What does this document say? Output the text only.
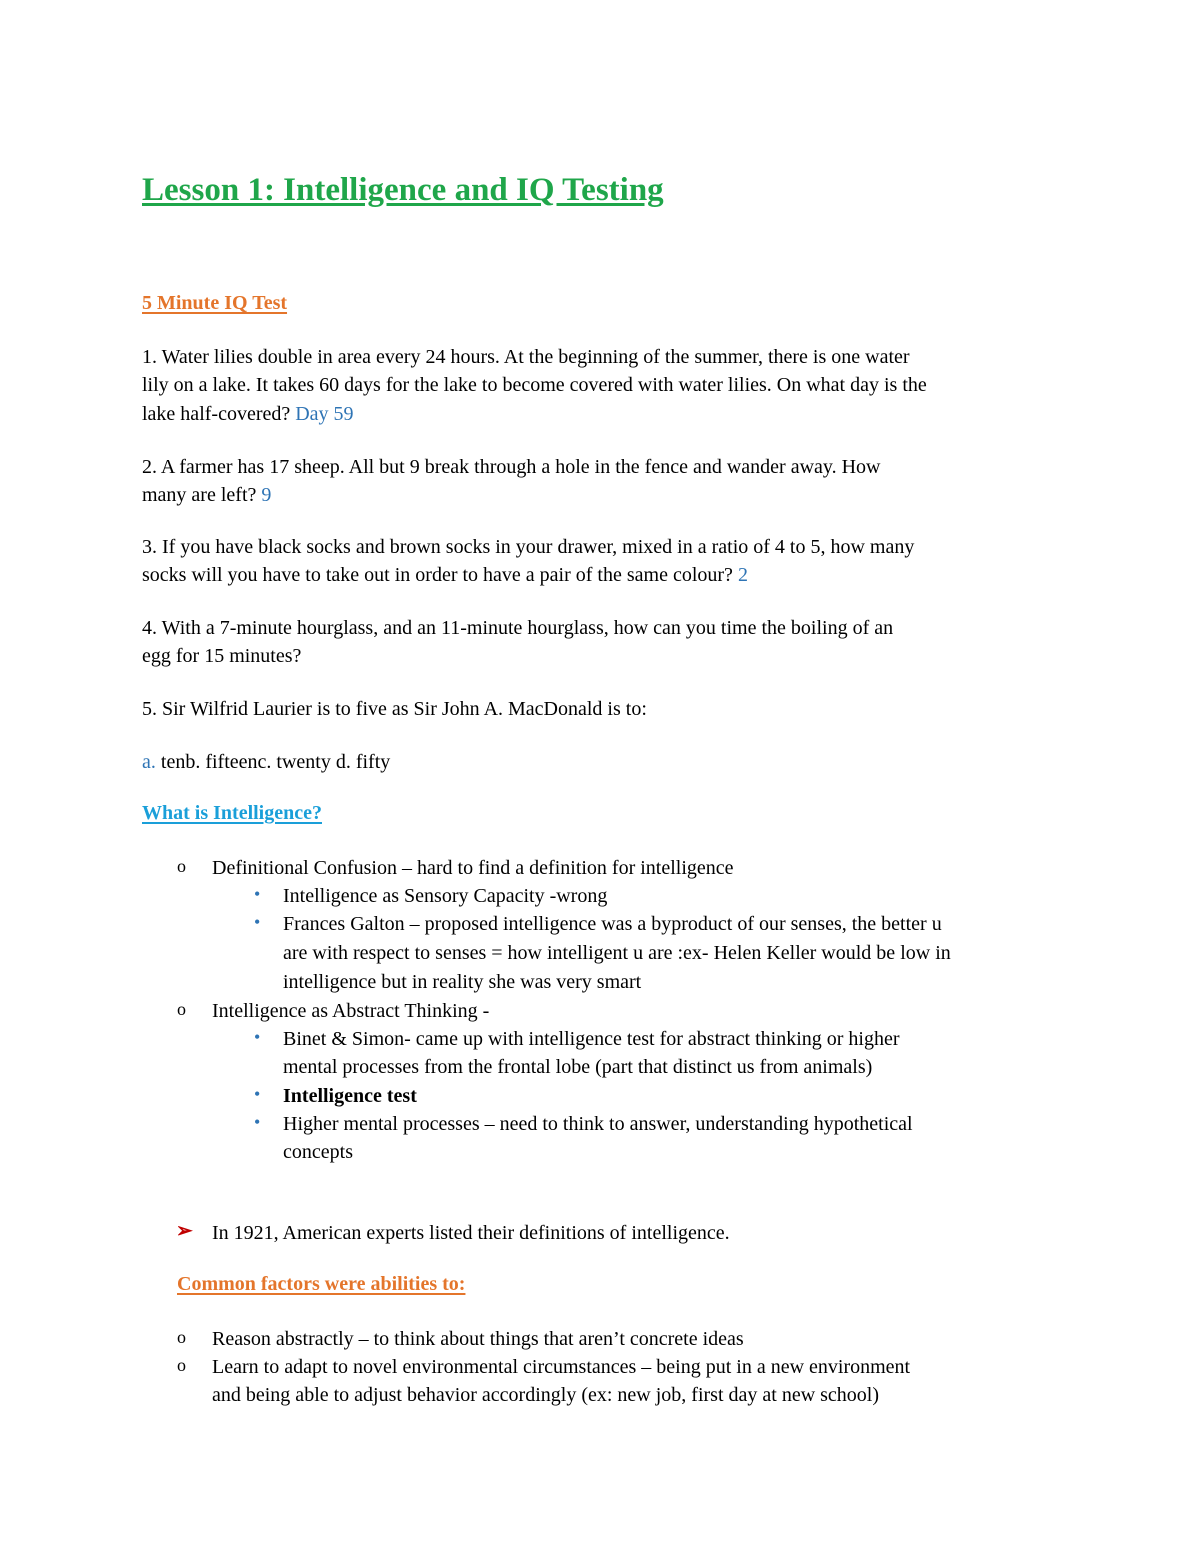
Lesson 1: Intelligence and IQ Testing
5 Minute IQ Test
1. Water lilies double in area every 24 hours. At the beginning of the summer, there is one water
lily on a lake. It takes 60 days for the lake to become covered with water lilies. On what day is the
lake half-covered? Day 59
2. A farmer has 17 sheep. All but 9 break through a hole in the fence and wander away. How
many are left? 9
3. If you have black socks and brown socks in your drawer, mixed in a ratio of 4 to 5, how many
socks will you have to take out in order to have a pair of the same colour? 2
4. With a 7-minute hourglass, and an 11-minute hourglass, how can you time the boiling of an
egg for 15 minutes?
5. Sir Wilfrid Laurier is to five as Sir John A. MacDonald is to:
a. tenb. fifteenc. twenty d. fifty
What is Intelligence?
o Definitional Confusion – hard to find a definition for intelligence
• Intelligence as Sensory Capacity -wrong
• Frances Galton – proposed intelligence was a byproduct of our senses, the better u
are with respect to senses = how intelligent u are :ex- Helen Keller would be low in
intelligence but in reality she was very smart
o Intelligence as Abstract Thinking -
• Binet & Simon- came up with intelligence test for abstract thinking or higher
mental processes from the frontal lobe (part that distinct us from animals)
• Intelligence test
• Higher mental processes – need to think to answer, understanding hypothetical
concepts
➢ In 1921, American experts listed their definitions of intelligence.
Common factors were abilities to:
o Reason abstractly – to think about things that aren’t concrete ideas
o Learn to adapt to novel environmental circumstances – being put in a new environment
and being able to adjust behavior accordingly (ex: new job, first day at new school)
